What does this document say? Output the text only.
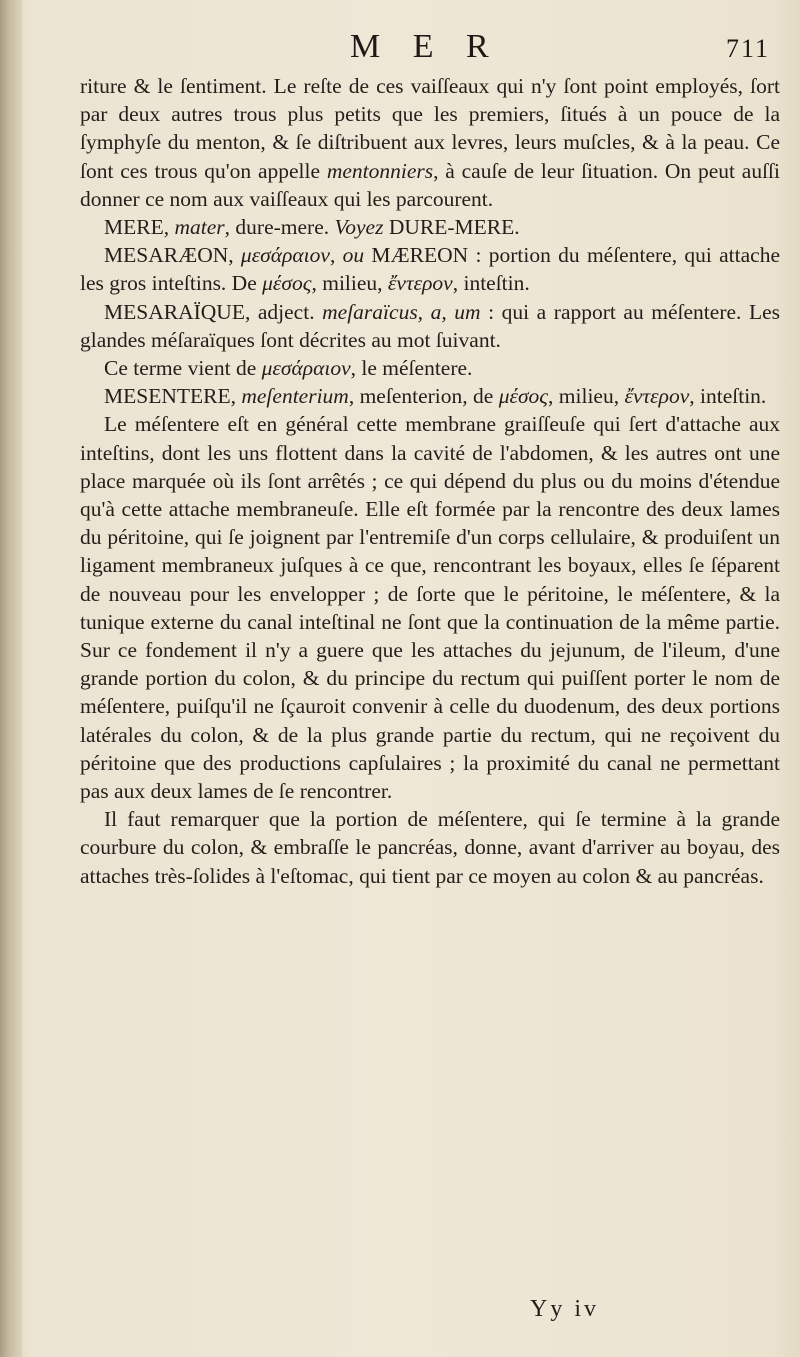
M E R	711

riture & le ſentiment. Le reſte de ces vaiſſeaux qui n'y ſont point employés, ſort par deux autres trous plus petits que les premiers, ſitués à un pouce de la ſymphyſe du menton, & ſe diſtribuent aux levres, leurs muſcles, & à la peau. Ce ſont ces trous qu'on appelle mentonniers, à cauſe de leur ſituation. On peut auſſi donner ce nom aux vaiſſeaux qui les parcourent.

MERE, mater, dure-mere. Voyez DURE-MERE.

MESARÆON, μεσάραιον, ou MÆREON : portion du méſentere, qui attache les gros inteſtins. De μέσος, milieu, ἔντερον, inteſtin.

MESARAÏQUE, adject. meſaraïcus, a, um : qui a rapport au méſentere. Les glandes méſaraïques ſont décrites au mot ſuivant.

Ce terme vient de μεσάραιον, le méſentere.

MESENTERE, meſenterium, meſenterion, de μέσος, milieu, ἔντερον, inteſtin.

Le méſentere eſt en général cette membrane graiſſeuſe qui ſert d'attache aux inteſtins, dont les uns flottent dans la cavité de l'abdomen, & les autres ont une place marquée où ils ſont arrêtés ; ce qui dépend du plus ou du moins d'étendue qu'à cette attache membraneuſe. Elle eſt formée par la rencontre des deux lames du péritoine, qui ſe joignent par l'entremiſe d'un corps cellulaire, & produiſent un ligament membraneux juſques à ce que, rencontrant les boyaux, elles ſe ſéparent de nouveau pour les envelopper ; de ſorte que le péritoine, le méſentere, & la tunique externe du canal inteſtinal ne ſont que la continuation de la même partie. Sur ce fondement il n'y a guere que les attaches du jejunum, de l'ileum, d'une grande portion du colon, & du principe du rectum qui puiſſent porter le nom de méſentere, puiſqu'il ne ſçauroit convenir à celle du duodenum, des deux portions latérales du colon, & de la plus grande partie du rectum, qui ne reçoivent du péritoine que des productions capſulaires ; la proximité du canal ne permettant pas aux deux lames de ſe rencontrer.

Il faut remarquer que la portion de méſentere, qui ſe termine à la grande courbure du colon, & embraſſe le pancréas, donne, avant d'arriver au boyau, des attaches très-ſolides à l'eſtomac, qui tient par ce moyen au colon & au pancréas.

Yy iv
